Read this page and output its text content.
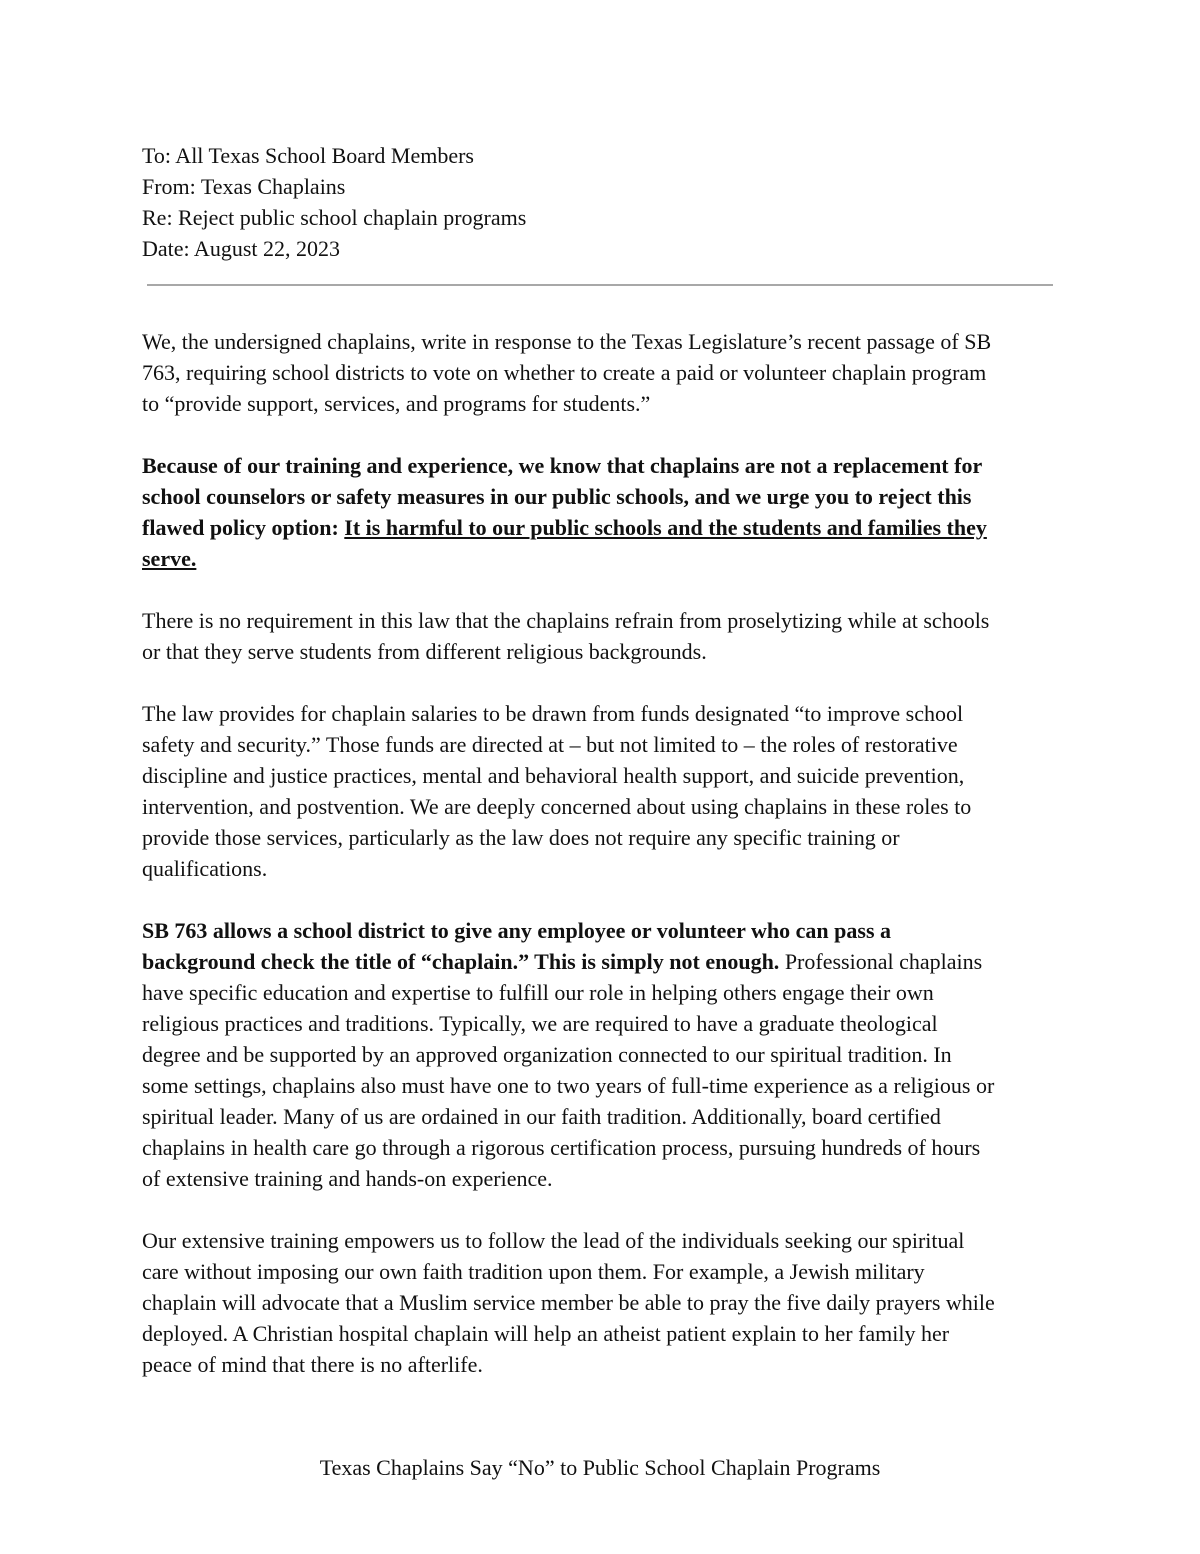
To: All Texas School Board Members
From: Texas Chaplains
Re: Reject public school chaplain programs
Date: August 22, 2023
We, the undersigned chaplains, write in response to the Texas Legislature’s recent passage of SB
763, requiring school districts to vote on whether to create a paid or volunteer chaplain program
to “provide support, services, and programs for students.”
Because of our training and experience, we know that chaplains are not a replacement for
school counselors or safety measures in our public schools, and we urge you to reject this
flawed policy option: It is harmful to our public schools and the students and families they
serve.
There is no requirement in this law that the chaplains refrain from proselytizing while at schools
or that they serve students from different religious backgrounds.
The law provides for chaplain salaries to be drawn from funds designated “to improve school
safety and security.” Those funds are directed at – but not limited to – the roles of restorative
discipline and justice practices, mental and behavioral health support, and suicide prevention,
intervention, and postvention. We are deeply concerned about using chaplains in these roles to
provide those services, particularly as the law does not require any specific training or
qualifications.
SB 763 allows a school district to give any employee or volunteer who can pass a
background check the title of “chaplain.” This is simply not enough. Professional chaplains
have specific education and expertise to fulfill our role in helping others engage their own
religious practices and traditions. Typically, we are required to have a graduate theological
degree and be supported by an approved organization connected to our spiritual tradition. In
some settings, chaplains also must have one to two years of full-time experience as a religious or
spiritual leader. Many of us are ordained in our faith tradition. Additionally, board certified
chaplains in health care go through a rigorous certification process, pursuing hundreds of hours
of extensive training and hands-on experience.
Our extensive training empowers us to follow the lead of the individuals seeking our spiritual
care without imposing our own faith tradition upon them. For example, a Jewish military
chaplain will advocate that a Muslim service member be able to pray the five daily prayers while
deployed. A Christian hospital chaplain will help an atheist patient explain to her family her
peace of mind that there is no afterlife.
Texas Chaplains Say “No” to Public School Chaplain Programs
